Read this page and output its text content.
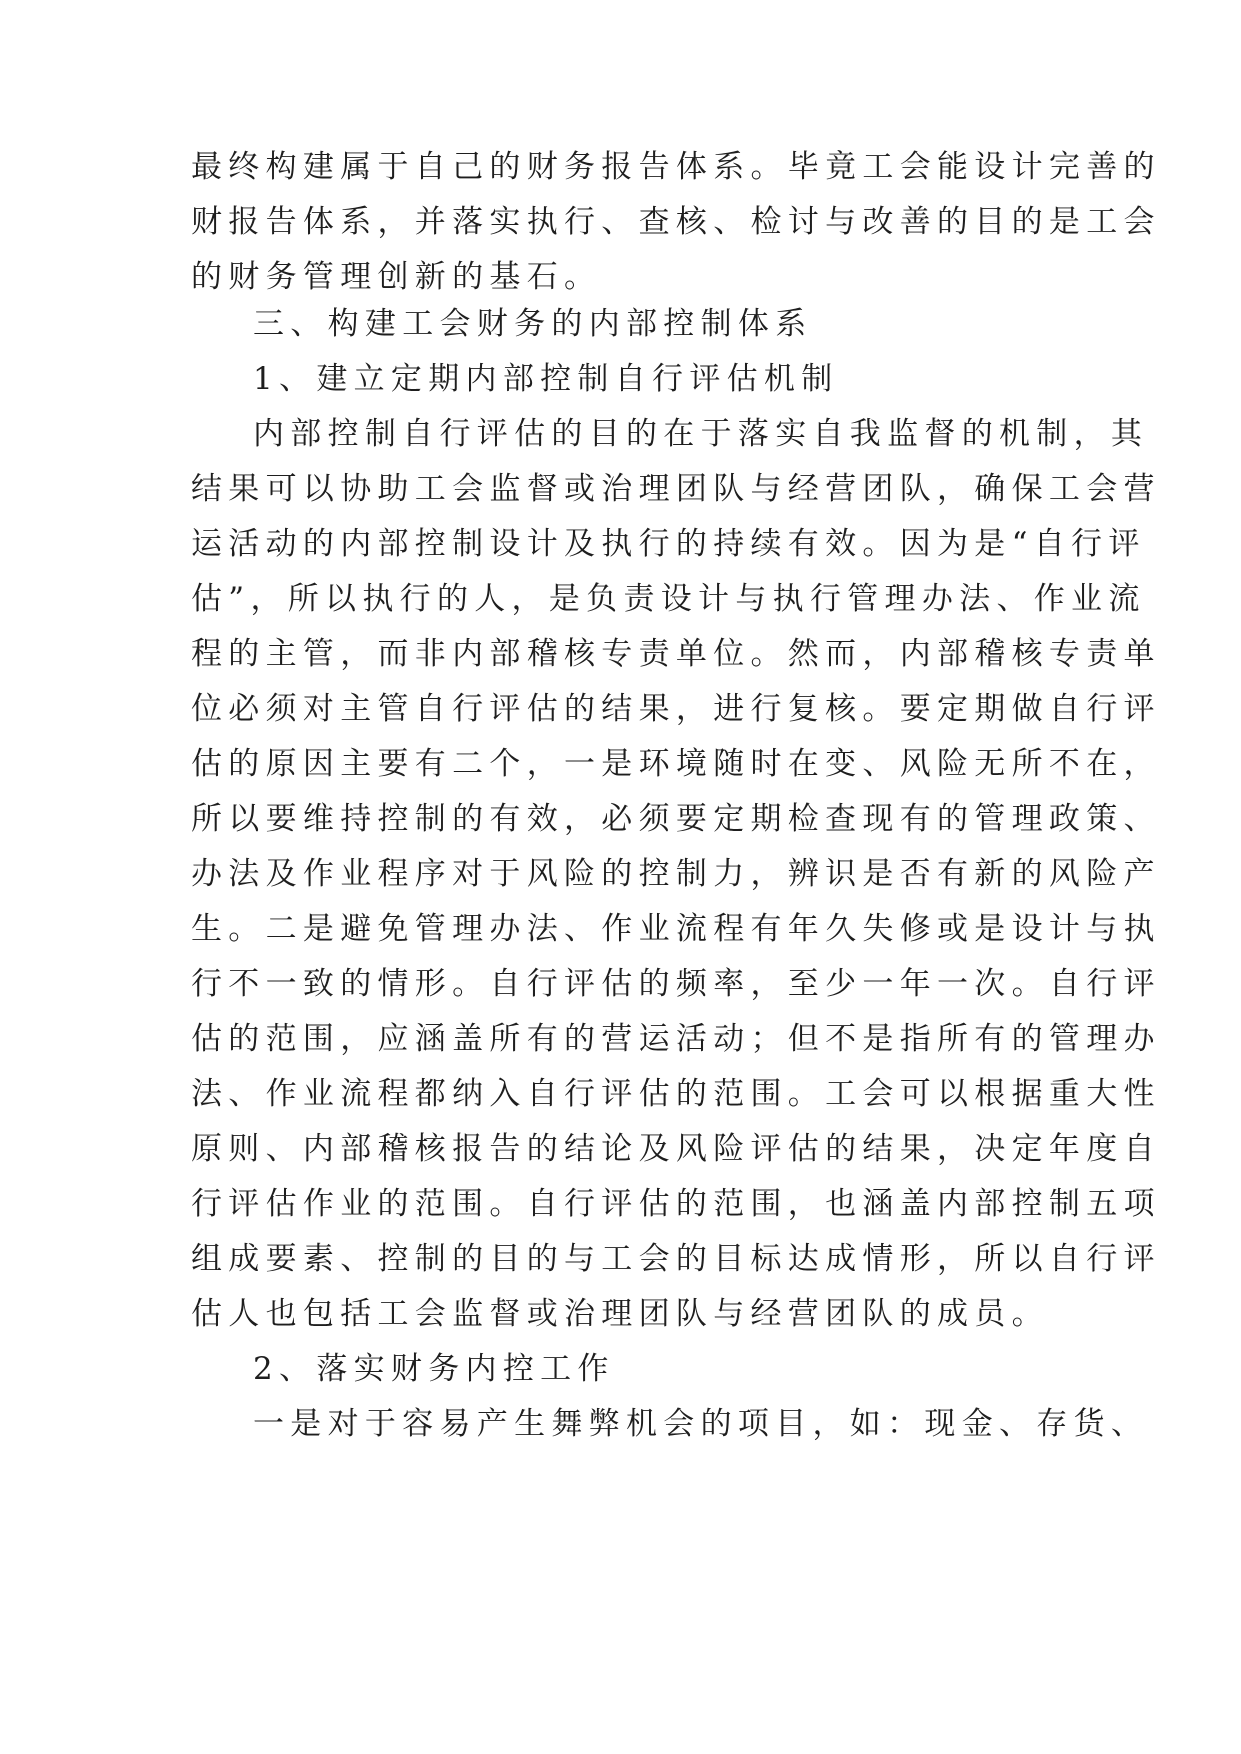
最终构建属于自己的财务报告体系。毕竟工会能设计完善的

财报告体系，并落实执行、查核、检讨与改善的目的是工会

的财务管理创新的基石。

三、构建工会财务的内部控制体系

1、建立定期内部控制自行评估机制

内部控制自行评估的目的在于落实自我监督的机制，其

结果可以协助工会监督或治理团队与经营团队，确保工会营

运活动的内部控制设计及执行的持续有效。因为是“自行评

估”，所以执行的人，是负责设计与执行管理办法、作业流

程的主管，而非内部稽核专责单位。然而，内部稽核专责单

位必须对主管自行评估的结果，进行复核。要定期做自行评

估的原因主要有二个，一是环境随时在变、风险无所不在，

所以要维持控制的有效，必须要定期检查现有的管理政策、

办法及作业程序对于风险的控制力，辨识是否有新的风险产

生。二是避免管理办法、作业流程有年久失修或是设计与执

行不一致的情形。自行评估的频率，至少一年一次。自行评

估的范围，应涵盖所有的营运活动；但不是指所有的管理办

法、作业流程都纳入自行评估的范围。工会可以根据重大性

原则、内部稽核报告的结论及风险评估的结果，决定年度自

行评估作业的范围。自行评估的范围，也涵盖内部控制五项

组成要素、控制的目的与工会的目标达成情形，所以自行评

估人也包括工会监督或治理团队与经营团队的成员。

2、落实财务内控工作

一是对于容易产生舞弊机会的项目，如：现金、存货、
